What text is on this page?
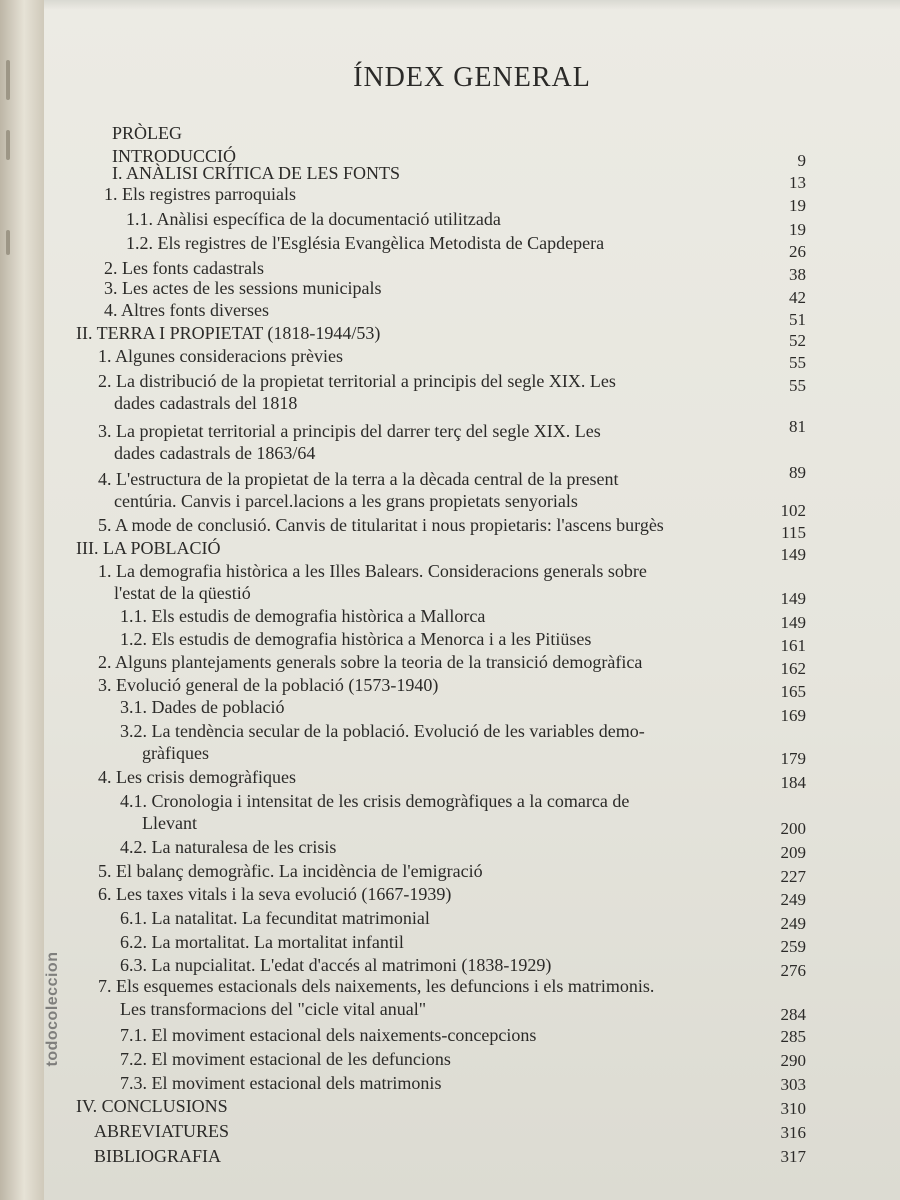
ÍNDEX GENERAL
PRÒLEG
INTRODUCCIÓ
I. ANÀLISI CRÍTICA DE LES FONTS
1. Els registres parroquials
1.1. Anàlisi específica de la documentació utilitzada
1.2. Els registres de l'Església Evangèlica Metodista de Capdepera
2. Les fonts cadastrals
3. Les actes de les sessions municipals
4. Altres fonts diverses
II. TERRA I PROPIETAT (1818-1944/53)
1. Algunes consideracions prèvies
2. La distribució de la propietat territorial a principis del segle XIX. Les
dades cadastrals del 1818
3. La propietat territorial a principis del darrer terç del segle XIX. Les
dades cadastrals de 1863/64
4. L'estructura de la propietat de la terra a la dècada central de la present
centúria. Canvis i parcel.lacions a les grans propietats senyorials
5. A mode de conclusió. Canvis de titularitat i nous propietaris: l'ascens burgès
III. LA POBLACIÓ
1. La demografia històrica a les Illes Balears. Consideracions generals sobre
l'estat de la qüestió
1.1. Els estudis de demografia històrica a Mallorca
1.2. Els estudis de demografia històrica a Menorca i a les Pitiüses
2. Alguns plantejaments generals sobre la teoria de la transició demogràfica
3. Evolució general de la població (1573-1940)
3.1. Dades de població
3.2. La tendència secular de la població. Evolució de les variables demo-
gràfiques
4. Les crisis demogràfiques
4.1. Cronologia i intensitat de les crisis demogràfiques a la comarca de
Llevant
4.2. La naturalesa de les crisis
5. El balanç demogràfic. La incidència de l'emigració
6. Les taxes vitals i la seva evolució (1667-1939)
6.1. La natalitat. La fecunditat matrimonial
6.2. La mortalitat. La mortalitat infantil
6.3. La nupcialitat. L'edat d'accés al matrimoni (1838-1929)
7. Els esquemes estacionals dels naixements, les defuncions i els matrimonis.
Les transformacions del "cicle vital anual"
7.1. El moviment estacional dels naixements-concepcions
7.2. El moviment estacional de les defuncions
7.3. El moviment estacional dels matrimonis
IV. CONCLUSIONS
ABREVIATURES
BIBLIOGRAFIA
9
13
19
19
26
38
42
51
52
55
55
81
89
102
115
149
149
149
161
162
165
169
179
184
200
209
227
249
249
259
276
284
285
290
303
310
316
317
todocoleccion
